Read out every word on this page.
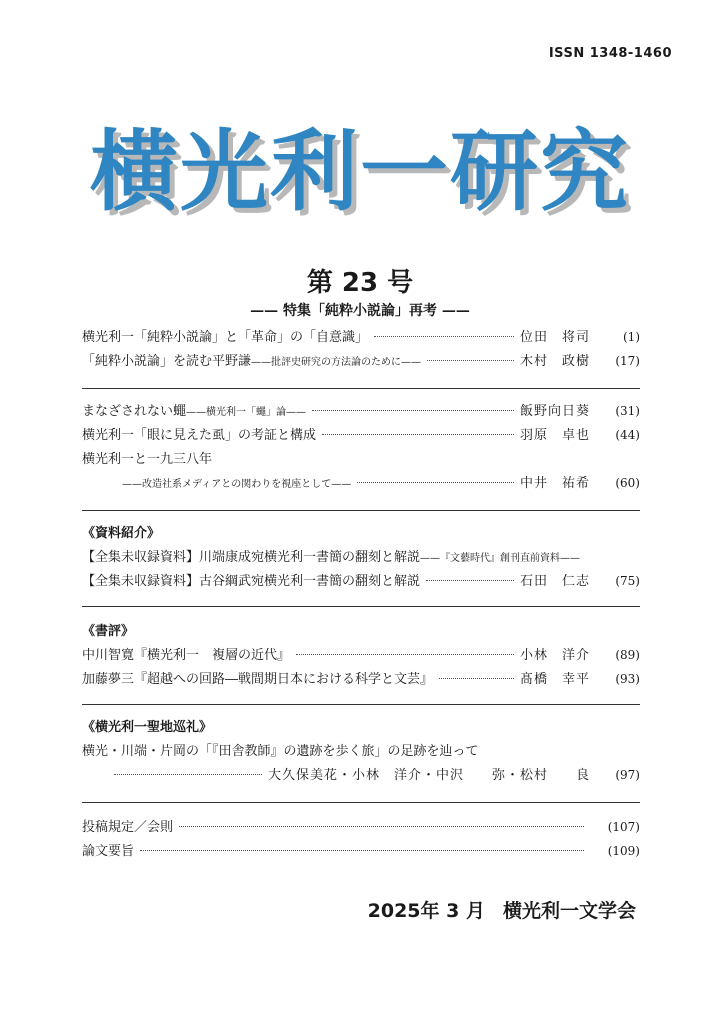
ISSN 1348-1460
横光利一研究
第 23 号
—— 特集「純粋小説論」再考 ——
横光利一「純粋小説論」と「革命」の「自意識」	位田　将司	(1)
「純粋小説論」を読む平野謙——批評史研究の方法論のために——	木村　政樹	(17)
まなざされない蠅——横光利一「蠅」論——	飯野向日葵	(31)
横光利一「眼に見えた虱」の考証と構成	羽原　卓也	(44)
横光利一と一九三八年
——改造社系メディアとの関わりを視座として——	中井　祐希	(60)
《資料紹介》
【全集未収録資料】川端康成宛横光利一書簡の翻刻と解説——『文藝時代』創刊直前資料——
【全集未収録資料】古谷綱武宛横光利一書簡の翻刻と解説	石田　仁志	(75)
《書評》
中川智寛『横光利一　複層の近代』	小林　洋介	(89)
加藤夢三『超越への回路―戦間期日本における科学と文芸』	髙橋　幸平	(93)
《横光利一聖地巡礼》
横光・川端・片岡の「『田舎教師』の遺跡を歩く旅」の足跡を辿って
大久保美花・小林　洋介・中沢　　弥・松村　　良	(97)
投稿規定／会則	(107)
論文要旨	(109)
2025年 3 月 横光利一文学会
